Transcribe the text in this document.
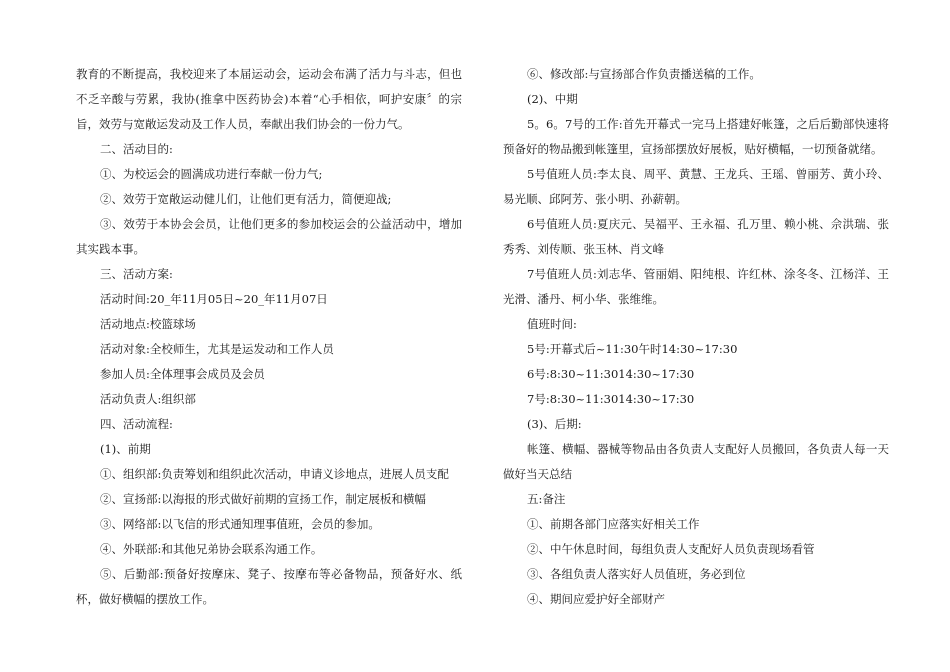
教育的不断提高，我校迎来了本届运动会，运动会布满了活力与斗志，但也不乏辛酸与劳累，我协(推拿中医药协会)本着“心手相依，呵护安康〞的宗旨，效劳与宽敞运发动及工作人员，奉献出我们协会的一份力气。

二、活动目的:

①、为校运会的圆满成功进行奉献一份力气;

②、效劳于宽敞运动健儿们，让他们更有活力，简便迎战;

③、效劳于本协会会员，让他们更多的参加校运会的公益活动中，增加其实践本事。

三、活动方案:

活动时间:20_年11月05日~20_年11月07日

活动地点:校篮球场

活动对象:全校师生，尤其是运发动和工作人员

参加人员:全体理事会成员及会员

活动负责人:组织部

四、活动流程:

(1)、前期

①、组织部:负责筹划和组织此次活动，申请义诊地点，进展人员支配

②、宣扬部:以海报的形式做好前期的宣扬工作，制定展板和横幅

③、网络部:以飞信的形式通知理事值班，会员的参加。

④、外联部:和其他兄弟协会联系沟通工作。

⑤、后勤部:预备好按摩床、凳子、按摩布等必备物品，预备好水、纸杯，做好横幅的摆放工作。

⑥、修改部:与宣扬部合作负责播送稿的工作。

(2)、中期

5。6。7号的工作:首先开幕式一完马上搭建好帐篷，之后后勤部快速将预备好的物品搬到帐篷里，宣扬部摆放好展板，贴好横幅，一切预备就绪。

5号值班人员:李太良、周平、黄慧、王龙兵、王瑶、曾丽芳、黄小玲、易光顺、邱阿芳、张小明、孙薪朝。

6号值班人员:夏庆元、吴福平、王永福、孔万里、赖小桃、佘洪瑞、张秀秀、刘传顺、张玉林、肖文峰

7号值班人员:刘志华、管丽娟、阳纯根、许红林、涂冬冬、江杨洋、王光滑、潘丹、柯小华、张维维。

值班时间:

5号:开幕式后~11:30午时14:30~17:30

6号:8:30~11:3014:30~17:30

7号:8:30~11:3014:30~17:30

(3)、后期:

帐篷、横幅、器械等物品由各负责人支配好人员搬回，各负责人每一天做好当天总结

五:备注

①、前期各部门应落实好相关工作

②、中午休息时间，每组负责人支配好人员负责现场看管

③、各组负责人落实好人员值班，务必到位

④、期间应爱护好全部财产
